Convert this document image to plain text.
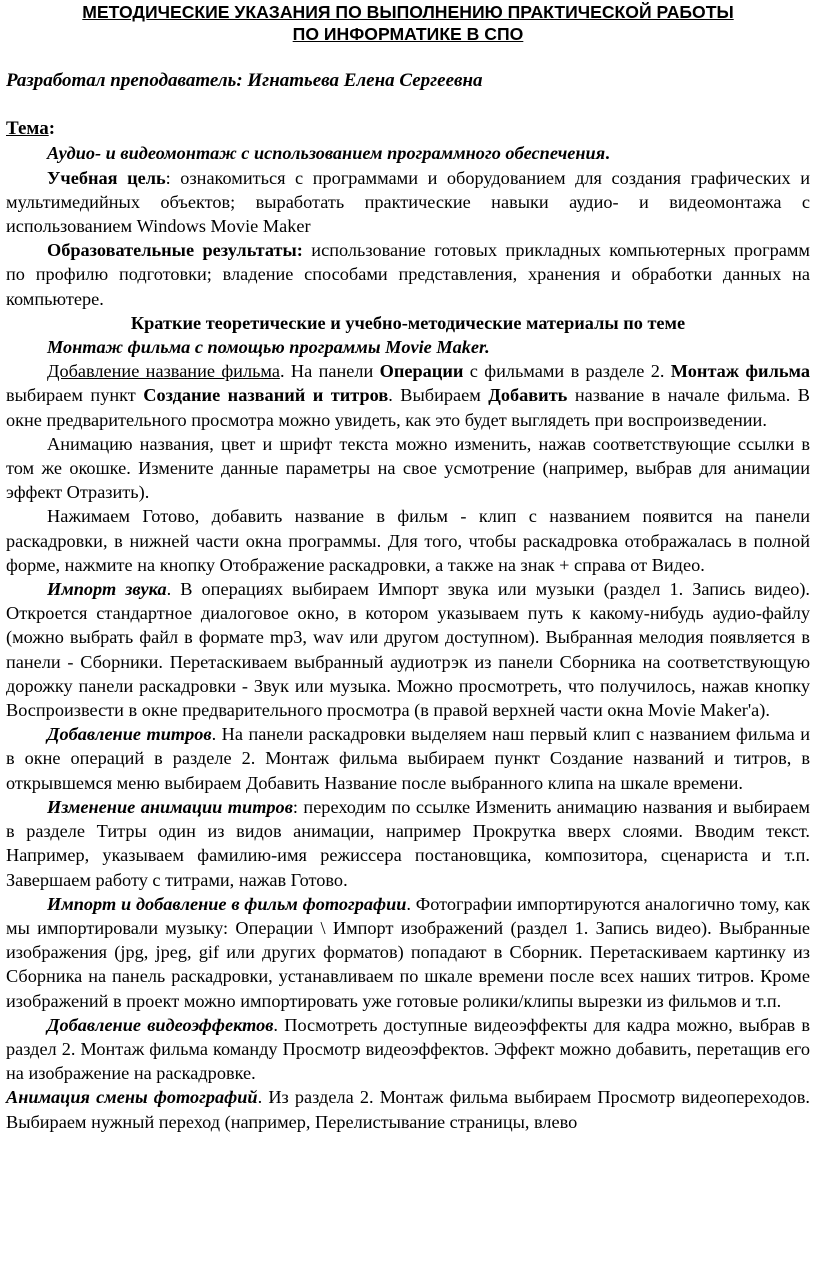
МЕТОДИЧЕСКИЕ УКАЗАНИЯ ПО ВЫПОЛНЕНИЮ ПРАКТИЧЕСКОЙ РАБОТЫ
ПО ИНФОРМАТИКЕ В СПО
Разработал преподаватель: Игнатьева Елена Сергеевна
Тема:

Аудио- и видеомонтаж с использованием программного обеспечения.

Учебная цель: ознакомиться с программами и оборудованием для создания графических и мультимедийных объектов; выработать практические навыки аудио- и видеомонтажа с использованием Windows Movie Maker

Образовательные результаты: использование готовых прикладных компьютерных программ по профилю подготовки; владение способами представления, хранения и обработки данных на компьютере.

Краткие теоретические и учебно-методические материалы по теме

Монтаж фильма с помощью программы Movie Maker.

Добавление название фильма. На панели Операции с фильмами в разделе 2. Монтаж фильма выбираем пункт Создание названий и титров. Выбираем Добавить название в начале фильма. В окне предварительного просмотра можно увидеть, как это будет выглядеть при воспроизведении.

Анимацию названия, цвет и шрифт текста можно изменить, нажав соответствующие ссылки в том же окошке. Измените данные параметры на свое усмотрение (например, выбрав для анимации эффект Отразить).

Нажимаем Готово, добавить название в фильм - клип с названием появится на панели раскадровки, в нижней части окна программы. Для того, чтобы раскадровка отображалась в полной форме, нажмите на кнопку Отображение раскадровки, а также на знак + справа от Видео.

Импорт звука. В операциях выбираем Импорт звука или музыки (раздел 1. Запись видео). Откроется стандартное диалоговое окно, в котором указываем путь к какому-нибудь аудио-файлу (можно выбрать файл в формате mp3, wav или другом доступном). Выбранная мелодия появляется в панели - Сборники. Перетаскиваем выбранный аудиотрэк из панели Сборника на соответствующую дорожку панели раскадровки - Звук или музыка. Можно просмотреть, что получилось, нажав кнопку Воспроизвести в окне предварительного просмотра (в правой верхней части окна Movie Maker'а).

Добавление титров. На панели раскадровки выделяем наш первый клип с названием фильма и в окне операций в разделе 2. Монтаж фильма выбираем пункт Создание названий и титров, в открывшемся меню выбираем Добавить Название после выбранного клипа на шкале времени.

Изменение анимации титров: переходим по ссылке Изменить анимацию названия и выбираем в разделе Титры один из видов анимации, например Прокрутка вверх слоями. Вводим текст. Например, указываем фамилию-имя режиссера постановщика, композитора, сценариста и т.п. Завершаем работу с титрами, нажав Готово.

Импорт и добавление в фильм фотографии. Фотографии импортируются аналогично тому, как мы импортировали музыку: Операции \ Импорт изображений (раздел 1. Запись видео). Выбранные изображения (jpg, jpeg, gif или других форматов) попадают в Сборник. Перетаскиваем картинку из Сборника на панель раскадровки, устанавливаем по шкале времени после всех наших титров. Кроме изображений в проект можно импортировать уже готовые ролики/клипы вырезки из фильмов и т.п.

Добавление видеоэффектов. Посмотреть доступные видеоэффекты для кадра можно, выбрав в раздел 2. Монтаж фильма команду Просмотр видеоэффектов. Эффект можно добавить, перетащив его на изображение на раскадровке.

Анимация смены фотографий. Из раздела 2. Монтаж фильма выбираем Просмотр видеопереходов. Выбираем нужный переход (например, Перелистывание страницы, влево
